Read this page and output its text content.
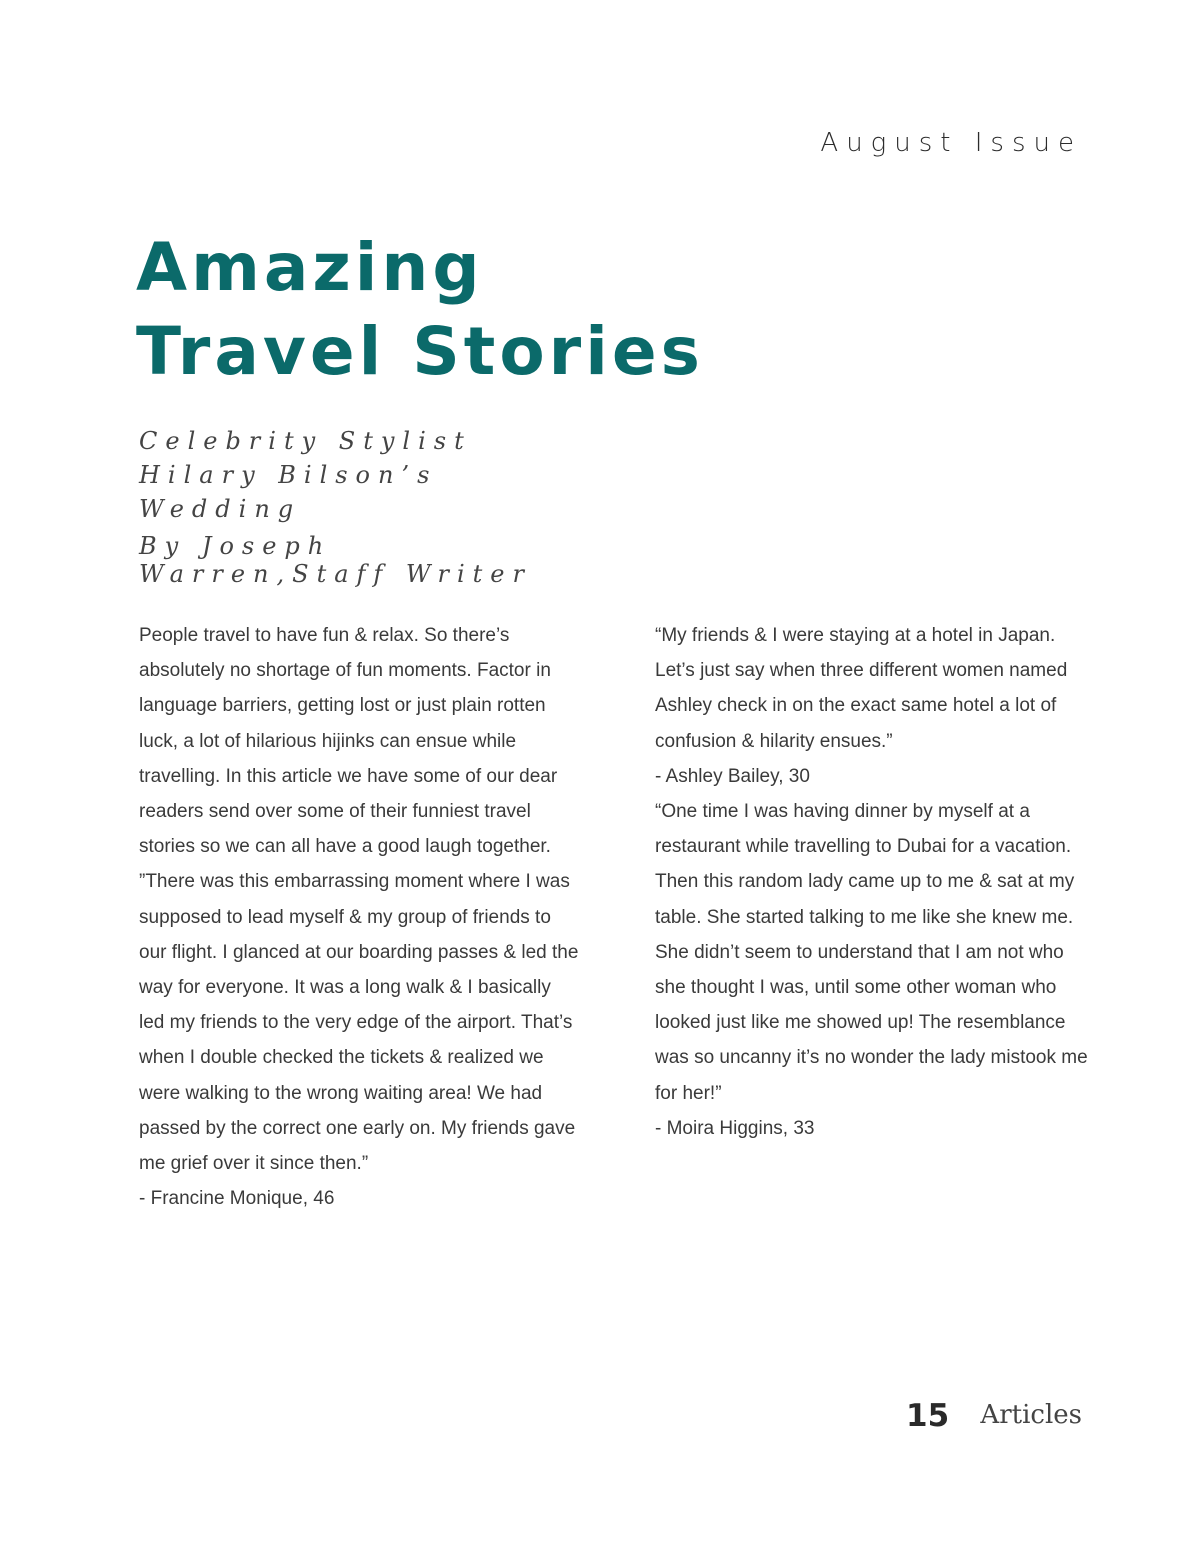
August Issue
Amazing
Travel Stories
Celebrity Stylist
Hilary Bilson’s Wedding
By Joseph Warren,Staff Writer

People travel to have fun & relax. So there’s absolutely no shortage of fun moments. Factor in language barriers, getting lost or just plain rotten luck, a lot of hilarious hijinks can ensue while travelling. In this article we have some of our dear readers send over some of their funniest travel stories so we can all have a good laugh together.

”There was this embarrassing moment where I was supposed to lead myself & my group of friends to our flight. I glanced at our boarding passes & led the way for everyone. It was a long walk & I basically led my friends to the very edge of the airport. That’s when I double checked the tickets & realized we were walking to the wrong waiting area! We had passed by the correct one early on. My friends gave me grief over it since then.”

- Francine Monique, 46

“My friends & I were staying at a hotel in Japan. Let’s just say when three different women named Ashley check in on the exact same hotel a lot of confusion & hilarity ensues.”

- Ashley Bailey, 30

“One time I was having dinner by myself at a restaurant while travelling to Dubai for a vacation. Then this random lady came up to me & sat at my table. She started talking to me like she knew me. She didn’t seem to understand that I am not who she thought I was, until some other woman who looked just like me showed up! The resemblance was so uncanny it’s no wonder the lady mistook me for her!”

- Moira Higgins, 33

15 Articles
